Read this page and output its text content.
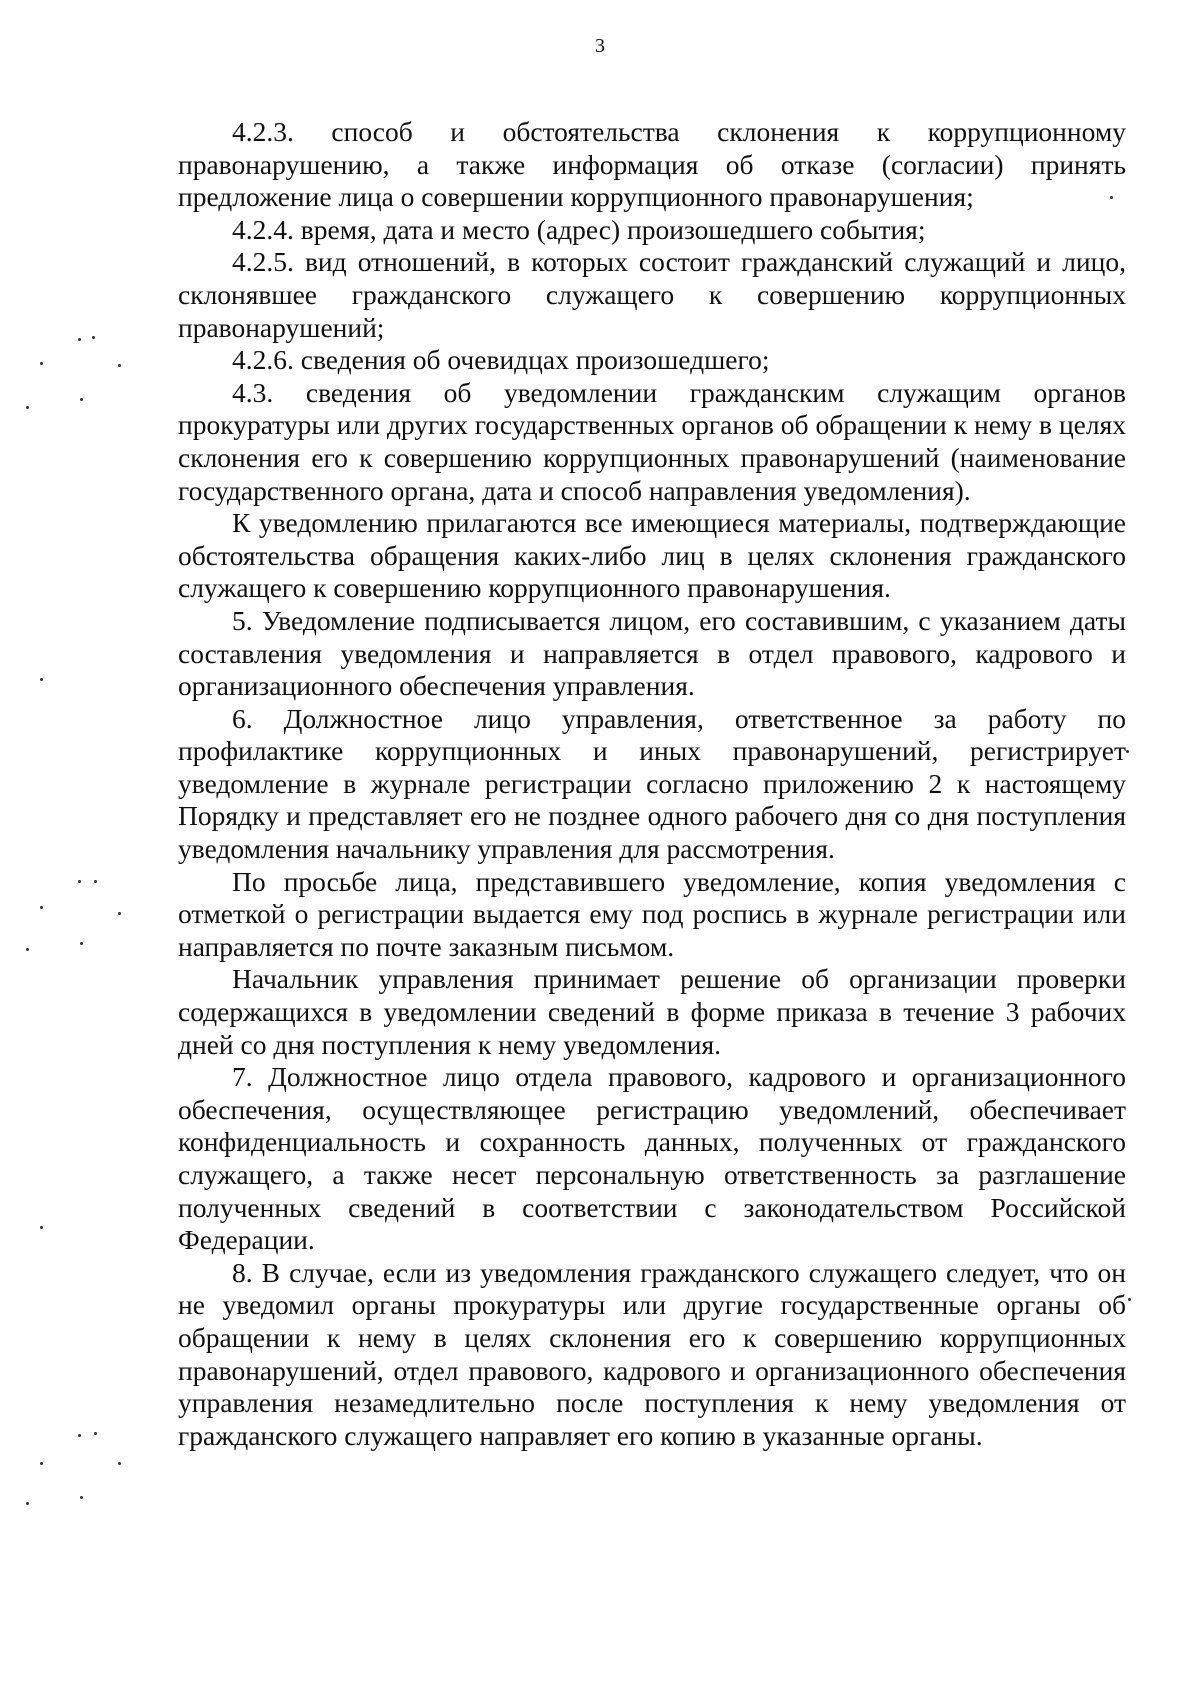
3

4.2.3. способ и обстоятельства склонения к коррупционному правонарушению, а также информация об отказе (согласии) принять предложение лица о совершении коррупционного правонарушения;

4.2.4. время, дата и место (адрес) произошедшего события;

4.2.5. вид отношений, в которых состоит гражданский служащий и лицо, склонявшее гражданского служащего к совершению коррупционных правонарушений;

4.2.6. сведения об очевидцах произошедшего;

4.3. сведения об уведомлении гражданским служащим органов прокуратуры или других государственных органов об обращении к нему в целях склонения его к совершению коррупционных правонарушений (наименование государственного органа, дата и способ направления уведомления).

К уведомлению прилагаются все имеющиеся материалы, подтверждающие обстоятельства обращения каких-либо лиц в целях склонения гражданского служащего к совершению коррупционного правонарушения.

5. Уведомление подписывается лицом, его составившим, с указанием даты составления уведомления и направляется в отдел правового, кадрового и организационного обеспечения управления.

6. Должностное лицо управления, ответственное за работу по профилактике коррупционных и иных правонарушений, регистрирует уведомление в журнале регистрации согласно приложению 2 к настоящему Порядку и представляет его не позднее одного рабочего дня со дня поступления уведомления начальнику управления для рассмотрения.

По просьбе лица, представившего уведомление, копия уведомления с отметкой о регистрации выдается ему под роспись в журнале регистрации или направляется по почте заказным письмом.

Начальник управления принимает решение об организации проверки содержащихся в уведомлении сведений в форме приказа в течение 3 рабочих дней со дня поступления к нему уведомления.

7. Должностное лицо отдела правового, кадрового и организационного обеспечения, осуществляющее регистрацию уведомлений, обеспечивает конфиденциальность и сохранность данных, полученных от гражданского служащего, а также несет персональную ответственность за разглашение полученных сведений в соответствии с законодательством Российской Федерации.

8. В случае, если из уведомления гражданского служащего следует, что он не уведомил органы прокуратуры или другие государственные органы об обращении к нему в целях склонения его к совершению коррупционных правонарушений, отдел правового, кадрового и организационного обеспечения управления незамедлительно после поступления к нему уведомления от гражданского служащего направляет его копию в указанные органы.
